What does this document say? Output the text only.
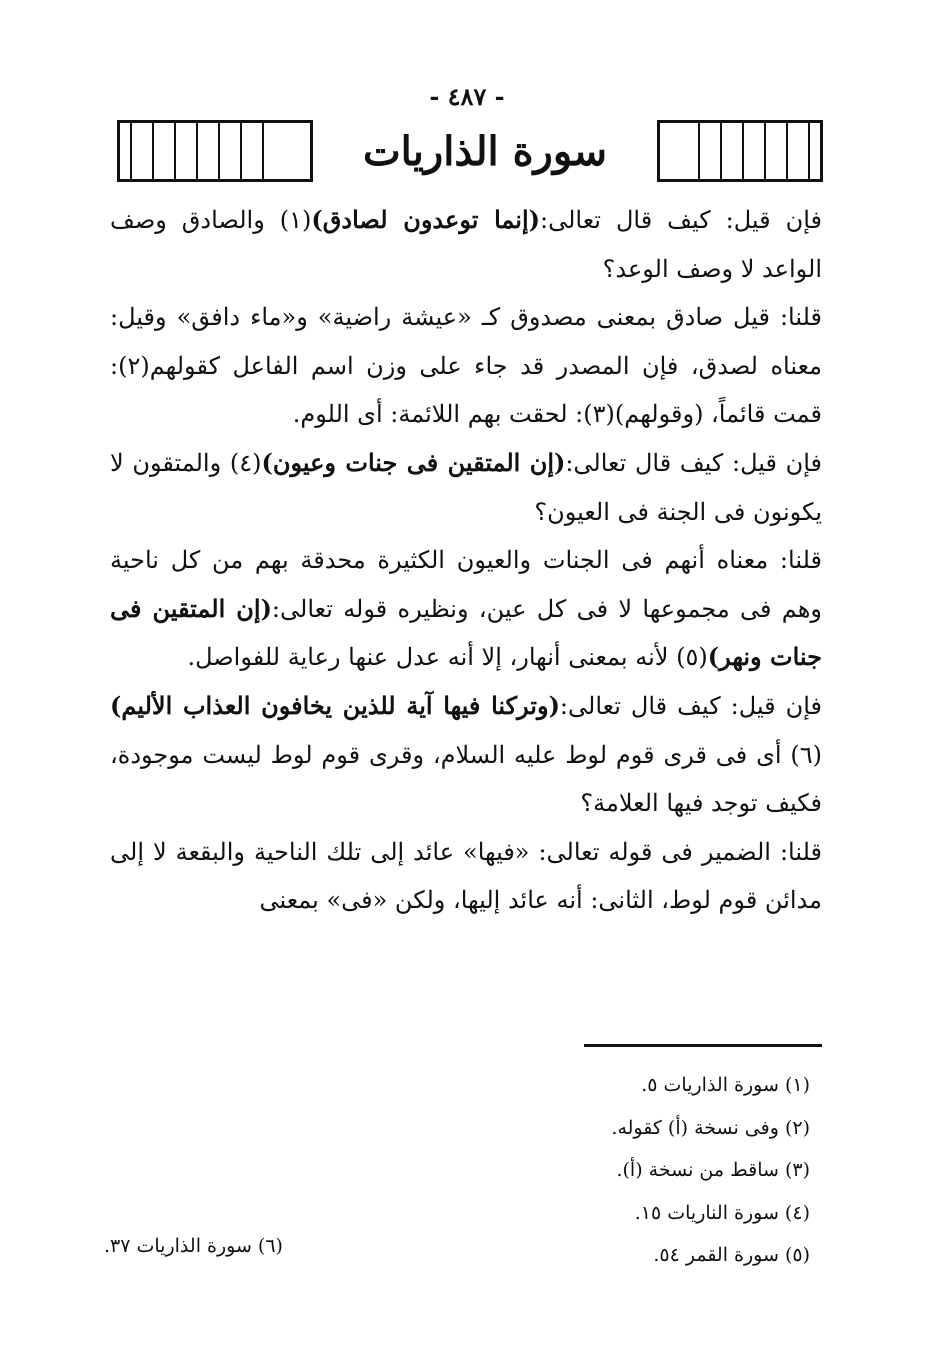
- ٤٨٧ -
سورة الذاريات

فإن قيل: كيف قال تعالى:(إنما توعدون لصادق)(١) والصادق وصف الواعد لا وصف الوعد؟

قلنا: قيل صادق بمعنى مصدوق كـ «عيشة راضية» و«ماء دافق» وقيل: معناه لصدق، فإن المصدر قد جاء على وزن اسم الفاعل كقولهم(٢): قمت قائماً، (وقولهم)(٣): لحقت بهم اللائمة: أى اللوم.

فإن قيل: كيف قال تعالى:(إن المتقين فى جنات وعيون)(٤) والمتقون لا يكونون فى الجنة فى العيون؟

قلنا: معناه أنهم فى الجنات والعيون الكثيرة محدقة بهم من كل ناحية وهم فى مجموعها لا فى كل عين، ونظيره قوله تعالى:(إن المتقين فى جنات ونهر)(٥) لأنه بمعنى أنهار، إلا أنه عدل عنها رعاية للفواصل.

فإن قيل: كيف قال تعالى:(وتركنا فيها آية للذين يخافون العذاب الأليم)(٦) أى فى قرى قوم لوط عليه السلام، وقرى قوم لوط ليست موجودة، فكيف توجد فيها العلامة؟

قلنا: الضمير فى قوله تعالى: «فيها» عائد إلى تلك الناحية والبقعة لا إلى مدائن قوم لوط، الثانى: أنه عائد إليها، ولكن «فى» بمعنى

(١) سورة الذاريات ٥.
(٢) وفى نسخة (أ) كقوله.
(٣) ساقط من نسخة (أ).
(٤) سورة الناريات ١٥.
(٥) سورة القمر ٥٤.
(٦) سورة الذاريات ٣٧.
